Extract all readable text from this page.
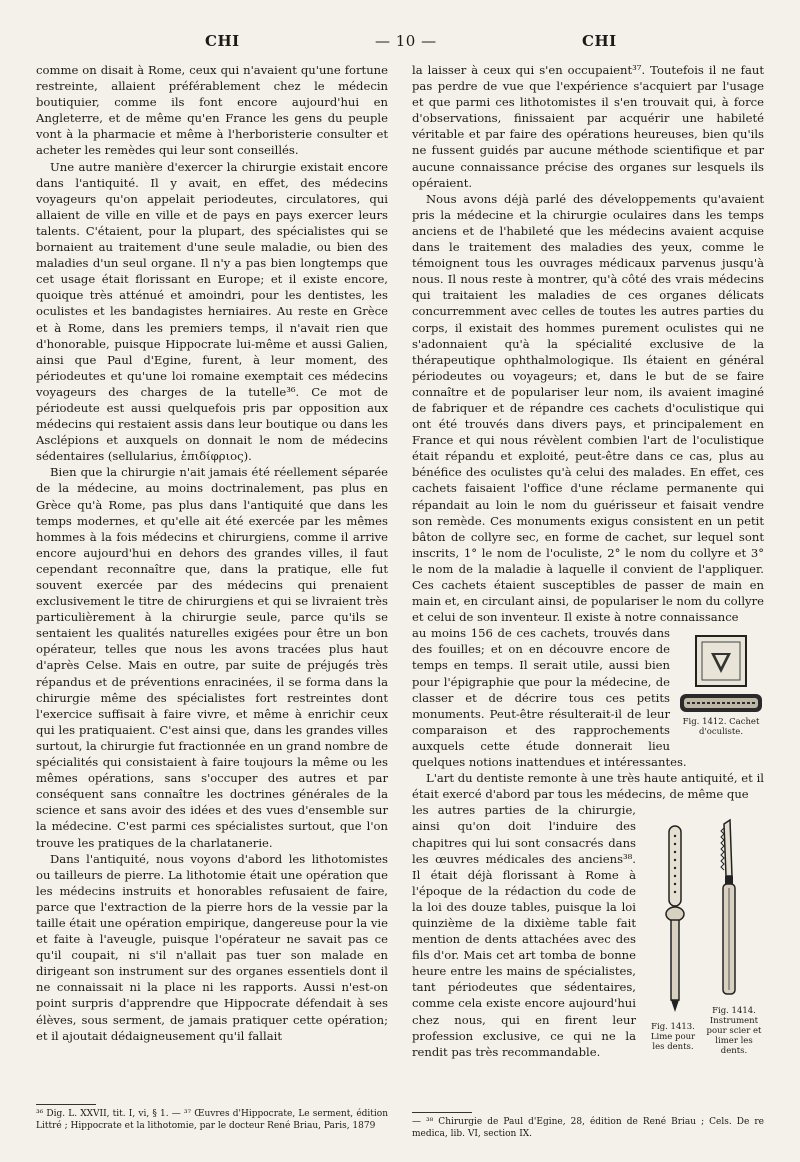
CHI	— 10 —	CHI

comme on disait à Rome, ceux qui n'avaient qu'une fortune restreinte, allaient préférablement chez le médecin boutiquier, comme ils font encore aujourd'hui en Angleterre, et de même qu'en France les gens du peuple vont à la pharmacie et même à l'herboristerie consulter et acheter les remèdes qui leur sont conseillés.

Une autre manière d'exercer la chirurgie existait encore dans l'antiquité. Il y avait, en effet, des médecins voyageurs qu'on appelait periodeutes, circulatores, qui allaient de ville en ville et de pays en pays exercer leurs talents. C'étaient, pour la plupart, des spécialistes qui se bornaient au traitement d'une seule maladie, ou bien des maladies d'un seul organe. Il n'y a pas bien longtemps que cet usage était florissant en Europe; et il existe encore, quoique très atténué et amoindri, pour les dentistes, les oculistes et les bandagistes herniaires. Au reste en Grèce et à Rome, dans les premiers temps, il n'avait rien que d'honorable, puisque Hippocrate lui-même et aussi Galien, ainsi que Paul d'Egine, furent, à leur moment, des périodeutes et qu'une loi romaine exemptait ces médecins voyageurs des charges de la tutelle³⁶. Ce mot de périodeute est aussi quelquefois pris par opposition aux médecins qui restaient assis dans leur boutique ou dans les Asclépions et auxquels on donnait le nom de médecins sédentaires (sellularius, ἑπιδίφριος).

Bien que la chirurgie n'ait jamais été réellement séparée de la médecine, au moins doctrinalement, pas plus en Grèce qu'à Rome, pas plus dans l'antiquité que dans les temps modernes, et qu'elle ait été exercée par les mêmes hommes à la fois médecins et chirurgiens, comme il arrive encore aujourd'hui en dehors des grandes villes, il faut cependant reconnaître que, dans la pratique, elle fut souvent exercée par des médecins qui prenaient exclusivement le titre de chirurgiens et qui se livraient très particulièrement à la chirurgie seule, parce qu'ils se sentaient les qualités naturelles exigées pour être un bon opérateur, telles que nous les avons tracées plus haut d'après Celse. Mais en outre, par suite de préjugés très répandus et de préventions enracinées, il se forma dans la chirurgie même des spécialistes fort restreintes dont l'exercice suffisait à faire vivre, et même à enrichir ceux qui les pratiquaient. C'est ainsi que, dans les grandes villes surtout, la chirurgie fut fractionnée en un grand nombre de spécialités qui consistaient à faire toujours la même ou les mêmes opérations, sans s'occuper des autres et par conséquent sans connaître les doctrines générales de la science et sans avoir des idées et des vues d'ensemble sur la médecine. C'est parmi ces spécialistes surtout, que l'on trouve les pratiques de la charlatanerie.

Dans l'antiquité, nous voyons d'abord les lithotomistes ou tailleurs de pierre. La lithotomie était une opération que les médecins instruits et honorables refusaient de faire, parce que l'extraction de la pierre hors de la vessie par la taille était une opération empirique, dangereuse pour la vie et faite à l'aveugle, puisque l'opérateur ne savait pas ce qu'il coupait, ni s'il n'allait pas tuer son malade en dirigeant son instrument sur des organes essentiels dont il ne connaissait ni la place ni les rapports. Aussi n'est-on point surpris d'apprendre que Hippocrate défendait à ses élèves, sous serment, de jamais pratiquer cette opération; et il ajoutait dédaigneusement qu'il fallait

la laisser à ceux qui s'en occupaient³⁷. Toutefois il ne faut pas perdre de vue que l'expérience s'acquiert par l'usage et que parmi ces lithotomistes il s'en trouvait qui, à force d'observations, finissaient par acquérir une habileté véritable et par faire des opérations heureuses, bien qu'ils ne fussent guidés par aucune méthode scientifique et par aucune connaissance précise des organes sur lesquels ils opéraient.

Nous avons déjà parlé des développements qu'avaient pris la médecine et la chirurgie oculaires dans les temps anciens et de l'habileté que les médecins avaient acquise dans le traitement des maladies des yeux, comme le témoignent tous les ouvrages médicaux parvenus jusqu'à nous. Il nous reste à montrer, qu'à côté des vrais médecins qui traitaient les maladies de ces organes délicats concurremment avec celles de toutes les autres parties du corps, il existait des hommes purement oculistes qui ne s'adonnaient qu'à la spécialité exclusive de la thérapeutique ophthalmologique. Ils étaient en général périodeutes ou voyageurs; et, dans le but de se faire connaître et de populariser leur nom, ils avaient imaginé de fabriquer et de répandre ces cachets d'oculistique qui ont été trouvés dans divers pays, et principalement en France et qui nous révèlent combien l'art de l'oculistique était répandu et exploité, peut-être dans ce cas, plus au bénéfice des oculistes qu'à celui des malades. En effet, ces cachets faisaient l'office d'une réclame permanente qui répandait au loin le nom du guérisseur et faisait vendre son remède. Ces monuments exigus consistent en un petit bâton de collyre sec, en forme de cachet, sur lequel sont inscrits, 1° le nom de l'oculiste, 2° le nom du collyre et 3° le nom de la maladie à laquelle il convient de l'appliquer. Ces cachets étaient susceptibles de passer de main en main et, en circulant ainsi, de populariser le nom du collyre et celui de son inventeur. Il existe à notre connaissance

Fig. 1412. Cachet d'oculiste.

au moins 156 de ces cachets, trouvés dans des fouilles; et on en découvre encore de temps en temps. Il serait utile, aussi bien pour l'épigraphie que pour la médecine, de classer et de décrire tous ces petits monuments. Peut-être résulterait-il de leur comparaison et des rapprochements auxquels cette étude donnerait lieu quelques notions inattendues et intéressantes.

L'art du dentiste remonte à une très haute antiquité, et il était exercé d'abord par tous les médecins, de même que

Fig. 1413. Lime pour les dents.
Fig. 1414. Instrument pour scier et limer les dents.

les autres parties de la chirurgie, ainsi qu'on doit l'induire des chapitres qui lui sont consacrés dans les œuvres médicales des anciens³⁸. Il était déjà florissant à Rome à l'époque de la rédaction du code de la loi des douze tables, puisque la loi quinzième de la dixième table fait mention de dents attachées avec des fils d'or. Mais cet art tomba de bonne heure entre les mains de spécialistes, tant périodeutes que sédentaires, comme cela existe encore aujourd'hui chez nous, qui en firent leur profession exclusive, ce qui ne la rendit pas très recommandable.

³⁶ Dig. L. XXVII, tit. I, vi, § 1. — ³⁷ Œuvres d'Hippocrate, Le serment, édition Littré ; Hippocrate et la lithotomie, par le docteur René Briau, Paris, 1879	— ³⁸ Chirurgie de Paul d'Egine, 28, édition de René Briau ; Cels. De re medica, lib. VI, section IX.
